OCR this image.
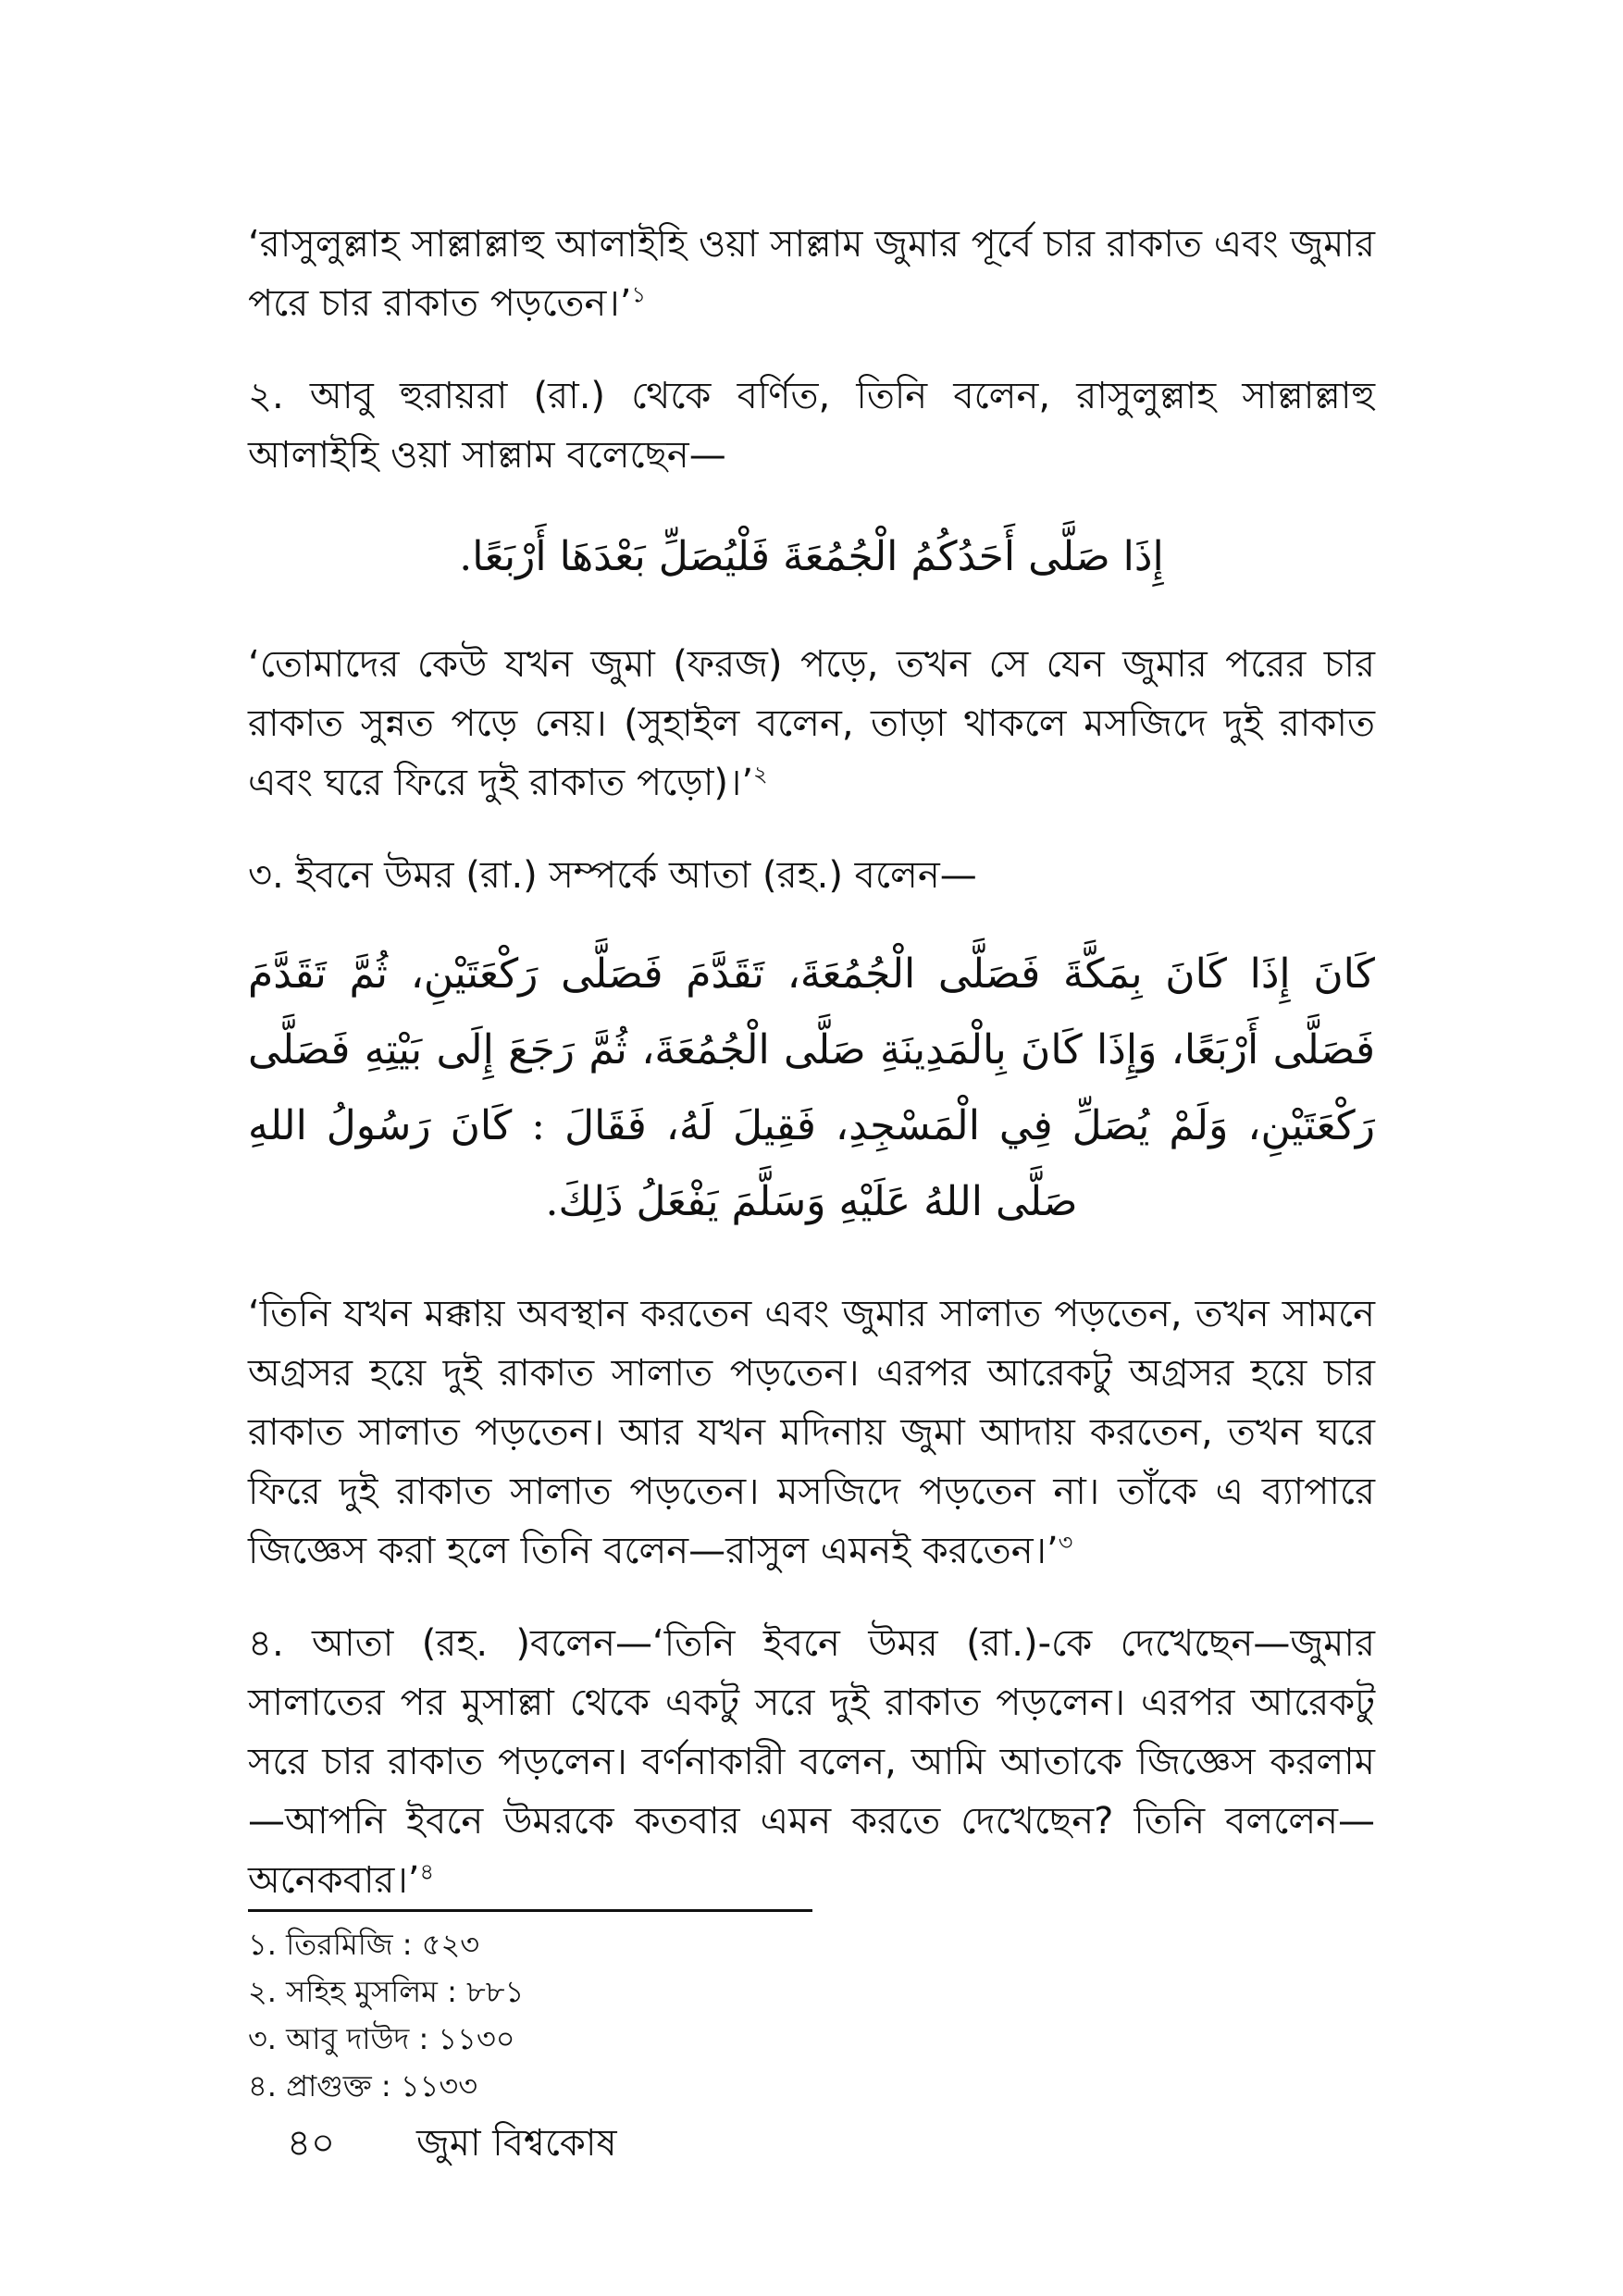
‘রাসুলুল্লাহ সাল্লাল্লাহু আলাইহি ওয়া সাল্লাম জুমার পূর্বে চার রাকাত এবং জুমার পরে চার রাকাত পড়তেন।’$^১$

২. আবু হুরায়রা (রা.) থেকে বর্ণিত, তিনি বলেন, রাসুলুল্লাহ সাল্লাল্লাহু আলাইহি ওয়া সাল্লাম বলেছেন—

إِذَا صَلَّى أَحَدُكُمُ الْجُمُعَةَ فَلْيُصَلِّ بَعْدَهَا أَرْبَعًا.

‘তোমাদের কেউ যখন জুমা (ফরজ) পড়ে, তখন সে যেন জুমার পরের চার রাকাত সুন্নত পড়ে নেয়। (সুহাইল বলেন, তাড়া থাকলে মসজিদে দুই রাকাত এবং ঘরে ফিরে দুই রাকাত পড়ো)।’$^২$

৩. ইবনে উমর (রা.) সম্পর্কে আতা (রহ.) বলেন—

كَانَ إِذَا كَانَ بِمَكَّةَ فَصَلَّى الْجُمُعَةَ، تَقَدَّمَ فَصَلَّى رَكْعَتَيْنِ، ثُمَّ تَقَدَّمَ فَصَلَّى أَرْبَعًا، وَإِذَا كَانَ بِالْمَدِينَةِ صَلَّى الْجُمُعَةَ، ثُمَّ رَجَعَ إِلَى بَيْتِهِ فَصَلَّى رَكْعَتَيْنِ، وَلَمْ يُصَلِّ فِي الْمَسْجِدِ، فَقِيلَ لَهُ، فَقَالَ : كَانَ رَسُولُ اللهِ صَلَّى اللهُ عَلَيْهِ وَسَلَّمَ يَفْعَلُ ذَلِكَ.

‘তিনি যখন মক্কায় অবস্থান করতেন এবং জুমার সালাত পড়তেন, তখন সামনে অগ্রসর হয়ে দুই রাকাত সালাত পড়তেন। এরপর আরেকটু অগ্রসর হয়ে চার রাকাত সালাত পড়তেন। আর যখন মদিনায় জুমা আদায় করতেন, তখন ঘরে ফিরে দুই রাকাত সালাত পড়তেন। মসজিদে পড়তেন না। তাঁকে এ ব্যাপারে জিজ্ঞেস করা হলে তিনি বলেন—রাসুল এমনই করতেন।’$^৩$

৪. আতা (রহ. )বলেন—‘তিনি ইবনে উমর (রা.)-কে দেখেছেন—জুমার সালাতের পর মুসাল্লা থেকে একটু সরে দুই রাকাত পড়লেন। এরপর আরেকটু সরে চার রাকাত পড়লেন। বর্ণনাকারী বলেন, আমি আতাকে জিজ্ঞেস করলাম—আপনি ইবনে উমরকে কতবার এমন করতে দেখেছেন? তিনি বললেন—অনেকবার।’$^৪$

১. তিরমিজি : ৫২৩
২. সহিহ মুসলিম : ৮৮১
৩. আবু দাউদ : ১১৩০
৪. প্রাগুক্ত : ১১৩৩
৪০ জুমা বিশ্বকোষ
